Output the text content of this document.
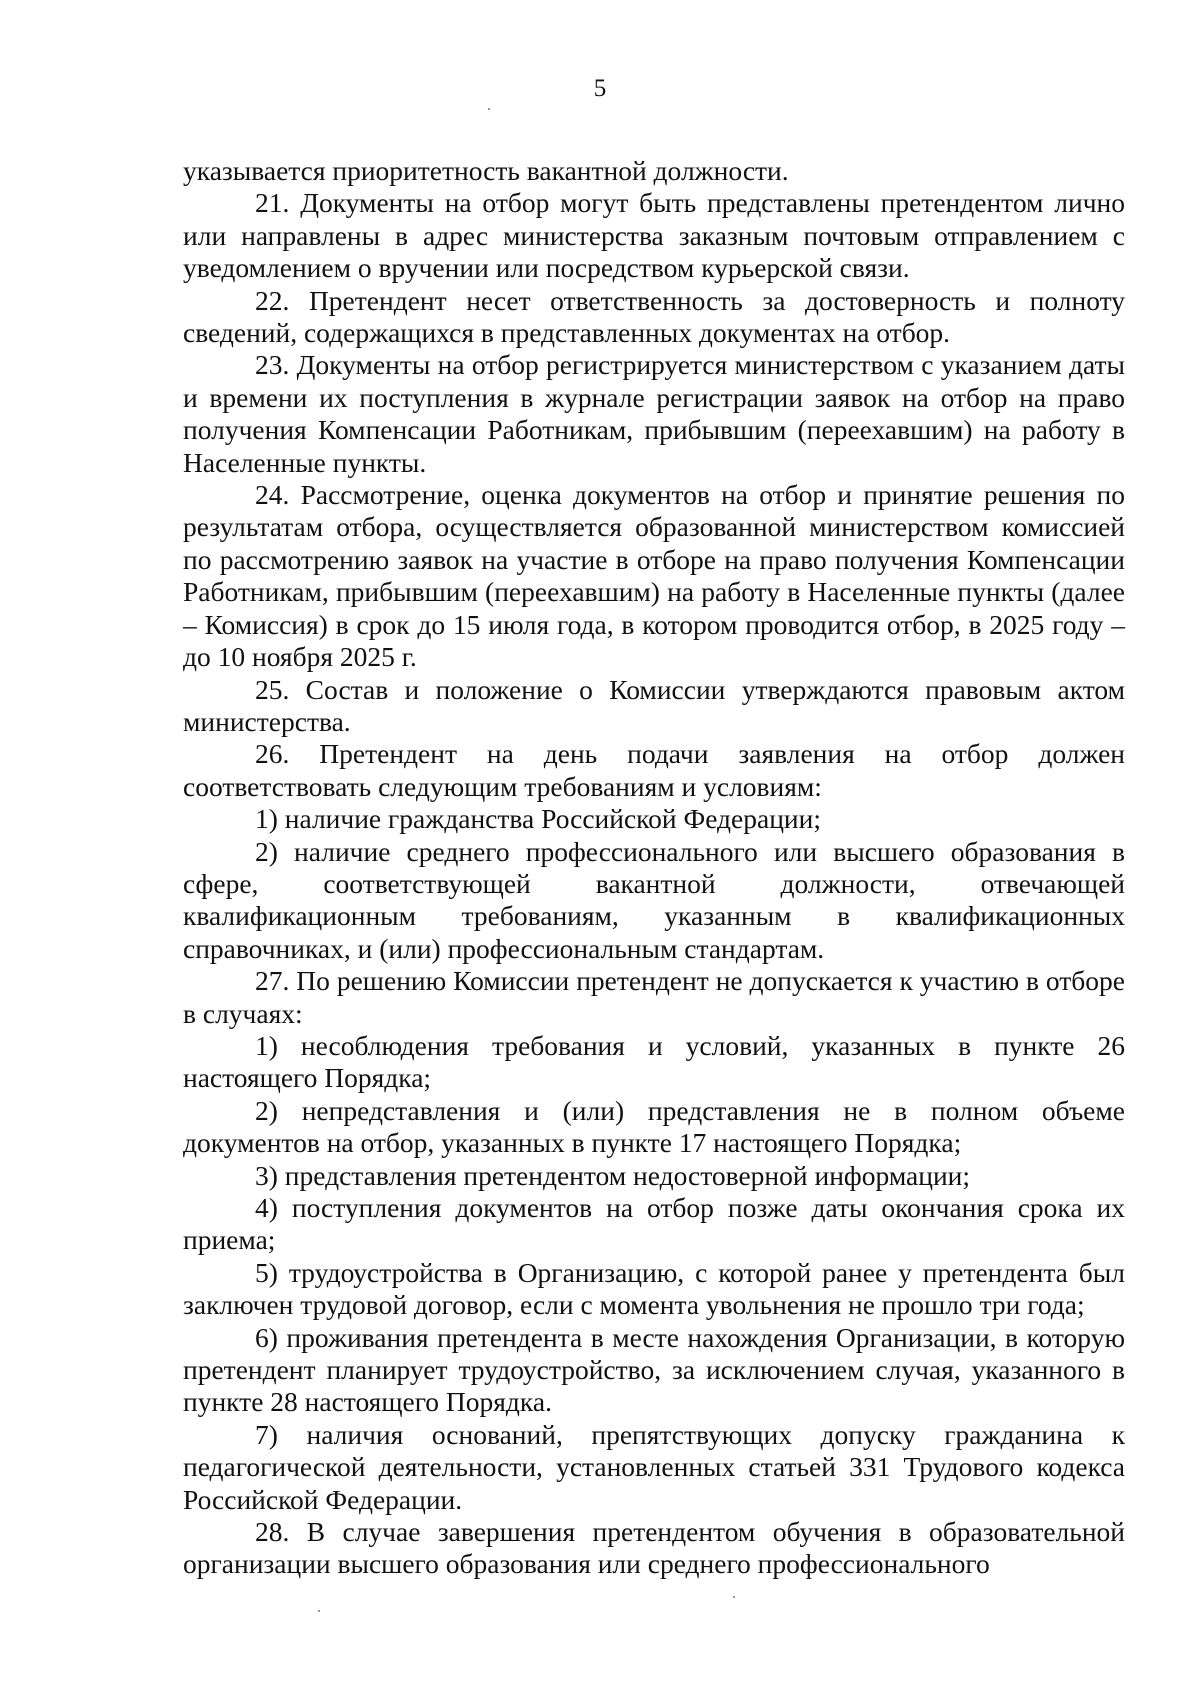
5

указывается приоритетность вакантной должности.

21. Документы на отбор могут быть представлены претендентом лично или направлены в адрес министерства заказным почтовым отправлением с уведомлением о вручении или посредством курьерской связи.

22. Претендент несет ответственность за достоверность и полноту сведений, содержащихся в представленных документах на отбор.

23. Документы на отбор регистрируется министерством с указанием даты и времени их поступления в журнале регистрации заявок на отбор на право получения Компенсации Работникам, прибывшим (переехавшим) на работу в Населенные пункты.

24. Рассмотрение, оценка документов на отбор и принятие решения по результатам отбора, осуществляется образованной министерством комиссией по рассмотрению заявок на участие в отборе на право получения Компенсации Работникам, прибывшим (переехавшим) на работу в Населенные пункты (далее – Комиссия) в срок до 15 июля года, в котором проводится отбор, в 2025 году – до 10 ноября 2025 г.

25. Состав и положение о Комиссии утверждаются правовым актом министерства.

26. Претендент на день подачи заявления на отбор должен соответствовать следующим требованиям и условиям:

1) наличие гражданства Российской Федерации;

2) наличие среднего профессионального или высшего образования в сфере, соответствующей вакантной должности, отвечающей квалификационным требованиям, указанным в квалификационных справочниках, и (или) профессиональным стандартам.

27. По решению Комиссии претендент не допускается к участию в отборе в случаях:

1) несоблюдения требования и условий, указанных в пункте 26 настоящего Порядка;

2) непредставления и (или) представления не в полном объеме документов на отбор, указанных в пункте 17 настоящего Порядка;

3) представления претендентом недостоверной информации;

4) поступления документов на отбор позже даты окончания срока их приема;

5) трудоустройства в Организацию, с которой ранее у претендента был заключен трудовой договор, если с момента увольнения не прошло три года;

6) проживания претендента в месте нахождения Организации, в которую претендент планирует трудоустройство, за исключением случая, указанного в пункте 28 настоящего Порядка.

7) наличия оснований, препятствующих допуску гражданина к педагогической деятельности, установленных статьей 331 Трудового кодекса Российской Федерации.

28. В случае завершения претендентом обучения в образовательной организации высшего образования или среднего профессионального
